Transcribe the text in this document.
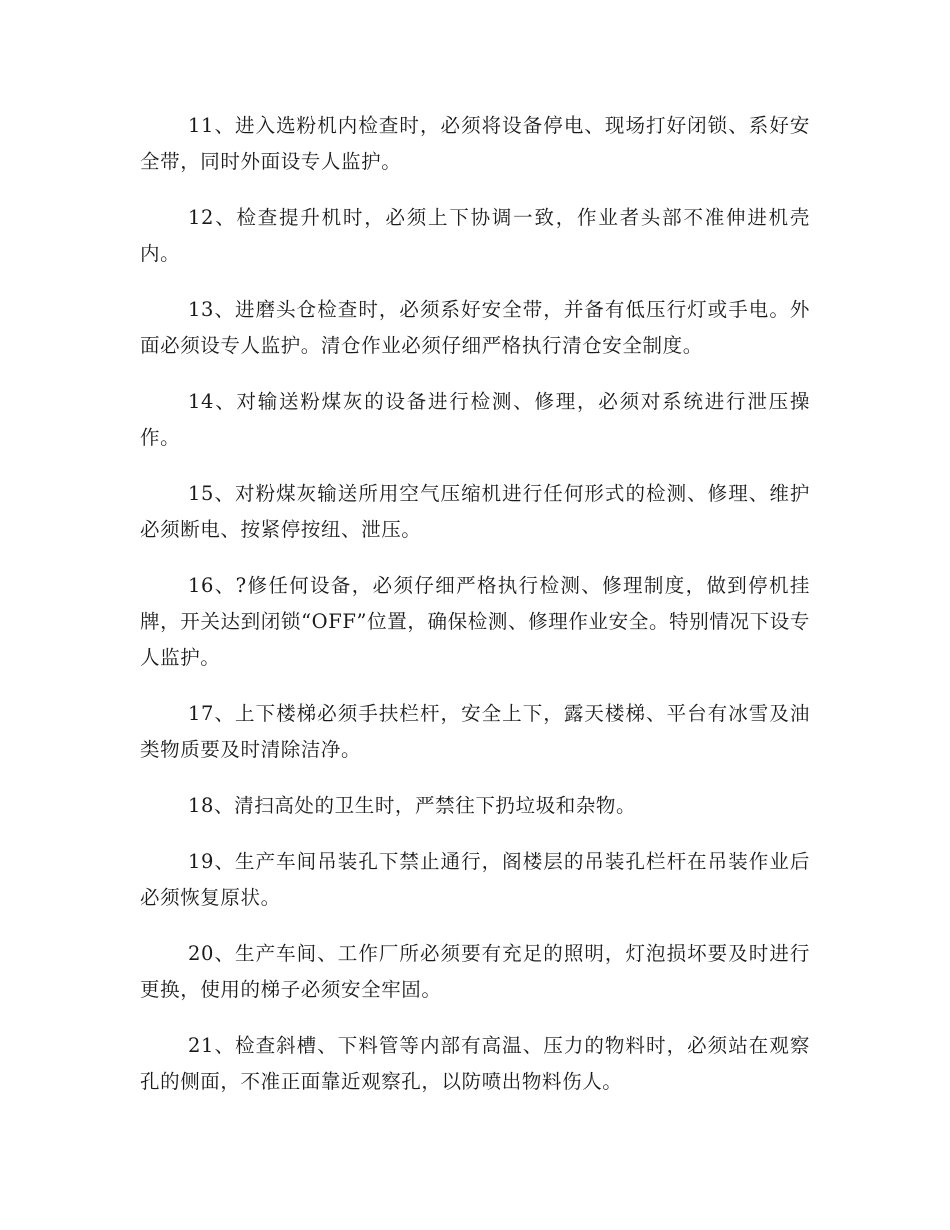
11、进入选粉机内检查时，必须将设备停电、现场打好闭锁、系好安全带，同时外面设专人监护。

12、检查提升机时，必须上下协调一致，作业者头部不准伸进机壳内。

13、进磨头仓检查时，必须系好安全带，并备有低压行灯或手电。外面必须设专人监护。清仓作业必须仔细严格执行清仓安全制度。

14、对输送粉煤灰的设备进行检测、修理，必须对系统进行泄压操作。

15、对粉煤灰输送所用空气压缩机进行任何形式的检测、修理、维护必须断电、按紧停按纽、泄压。

16、?修任何设备，必须仔细严格执行检测、修理制度，做到停机挂牌，开关达到闭锁“OFF”位置，确保检测、修理作业安全。特别情况下设专人监护。

17、上下楼梯必须手扶栏杆，安全上下，露天楼梯、平台有冰雪及油类物质要及时清除洁净。

18、清扫高处的卫生时，严禁往下扔垃圾和杂物。

19、生产车间吊装孔下禁止通行，阁楼层的吊装孔栏杆在吊装作业后必须恢复原状。

20、生产车间、工作厂所必须要有充足的照明，灯泡损坏要及时进行更换，使用的梯子必须安全牢固。

21、检查斜槽、下料管等内部有高温、压力的物料时，必须站在观察孔的侧面，不准正面靠近观察孔，以防喷出物料伤人。
